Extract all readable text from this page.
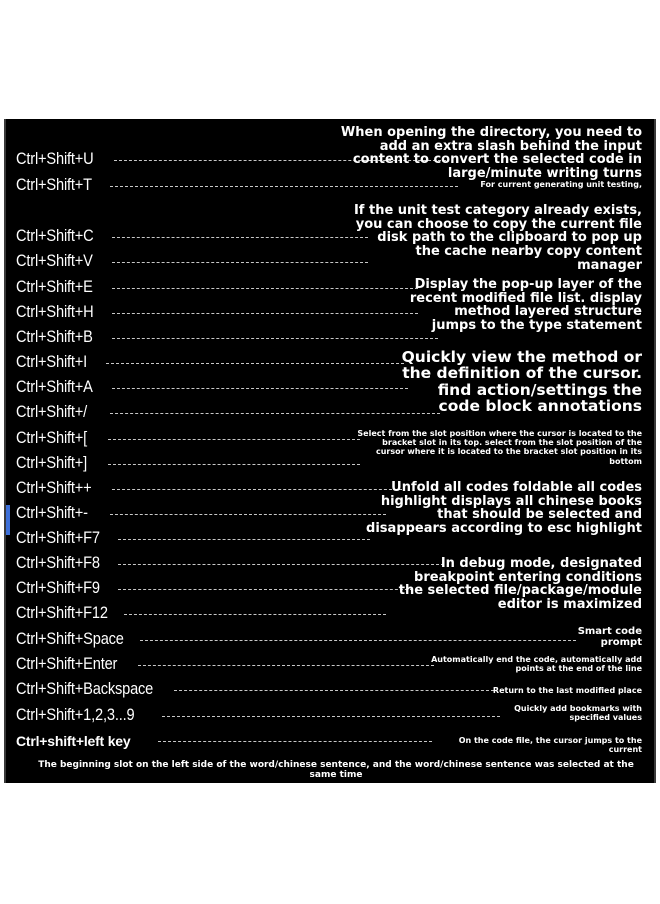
Ctrl+Shift+U
Ctrl+Shift+T
Ctrl+Shift+C
Ctrl+Shift+V
Ctrl+Shift+E
Ctrl+Shift+H
Ctrl+Shift+B
Ctrl+Shift+I
Ctrl+Shift+A
Ctrl+Shift+/
Ctrl+Shift+[
Ctrl+Shift+]
Ctrl+Shift++
Ctrl+Shift+-
Ctrl+Shift+F7
Ctrl+Shift+F8
Ctrl+Shift+F9
Ctrl+Shift+F12
Ctrl+Shift+Space
Ctrl+Shift+Enter
Ctrl+Shift+Backspace
Ctrl+Shift+1,2,3...9
Ctrl+shift+left key
When opening the directory, you need to add an extra slash behind the input content to convert the selected code in large/minute writing turns
For current generating unit testing,
If the unit test category already exists, you can choose to copy the current file disk path to the clipboard to pop up the cache nearby copy content manager
Display the pop-up layer of the recent modified file list. display method layered structure jumps to the type statement
Quickly view the method or the definition of the cursor. find action/settings the code block annotations
Select from the slot position where the cursor is located to the bracket slot in its top. select from the slot position of the cursor where it is located to the bracket slot position in its bottom
Unfold all codes foldable all codes highlight displays all chinese books that should be selected and disappears according to esc highlight
In debug mode, designated breakpoint entering conditions the selected file/package/module editor is maximized
Smart code prompt
Automatically end the code, automatically add points at the end of the line
Return to the last modified place
Quickly add bookmarks with specified values
On the code file, the cursor jumps to the current
The beginning slot on the left side of the word/chinese sentence, and the word/chinese sentence was selected at the same time
